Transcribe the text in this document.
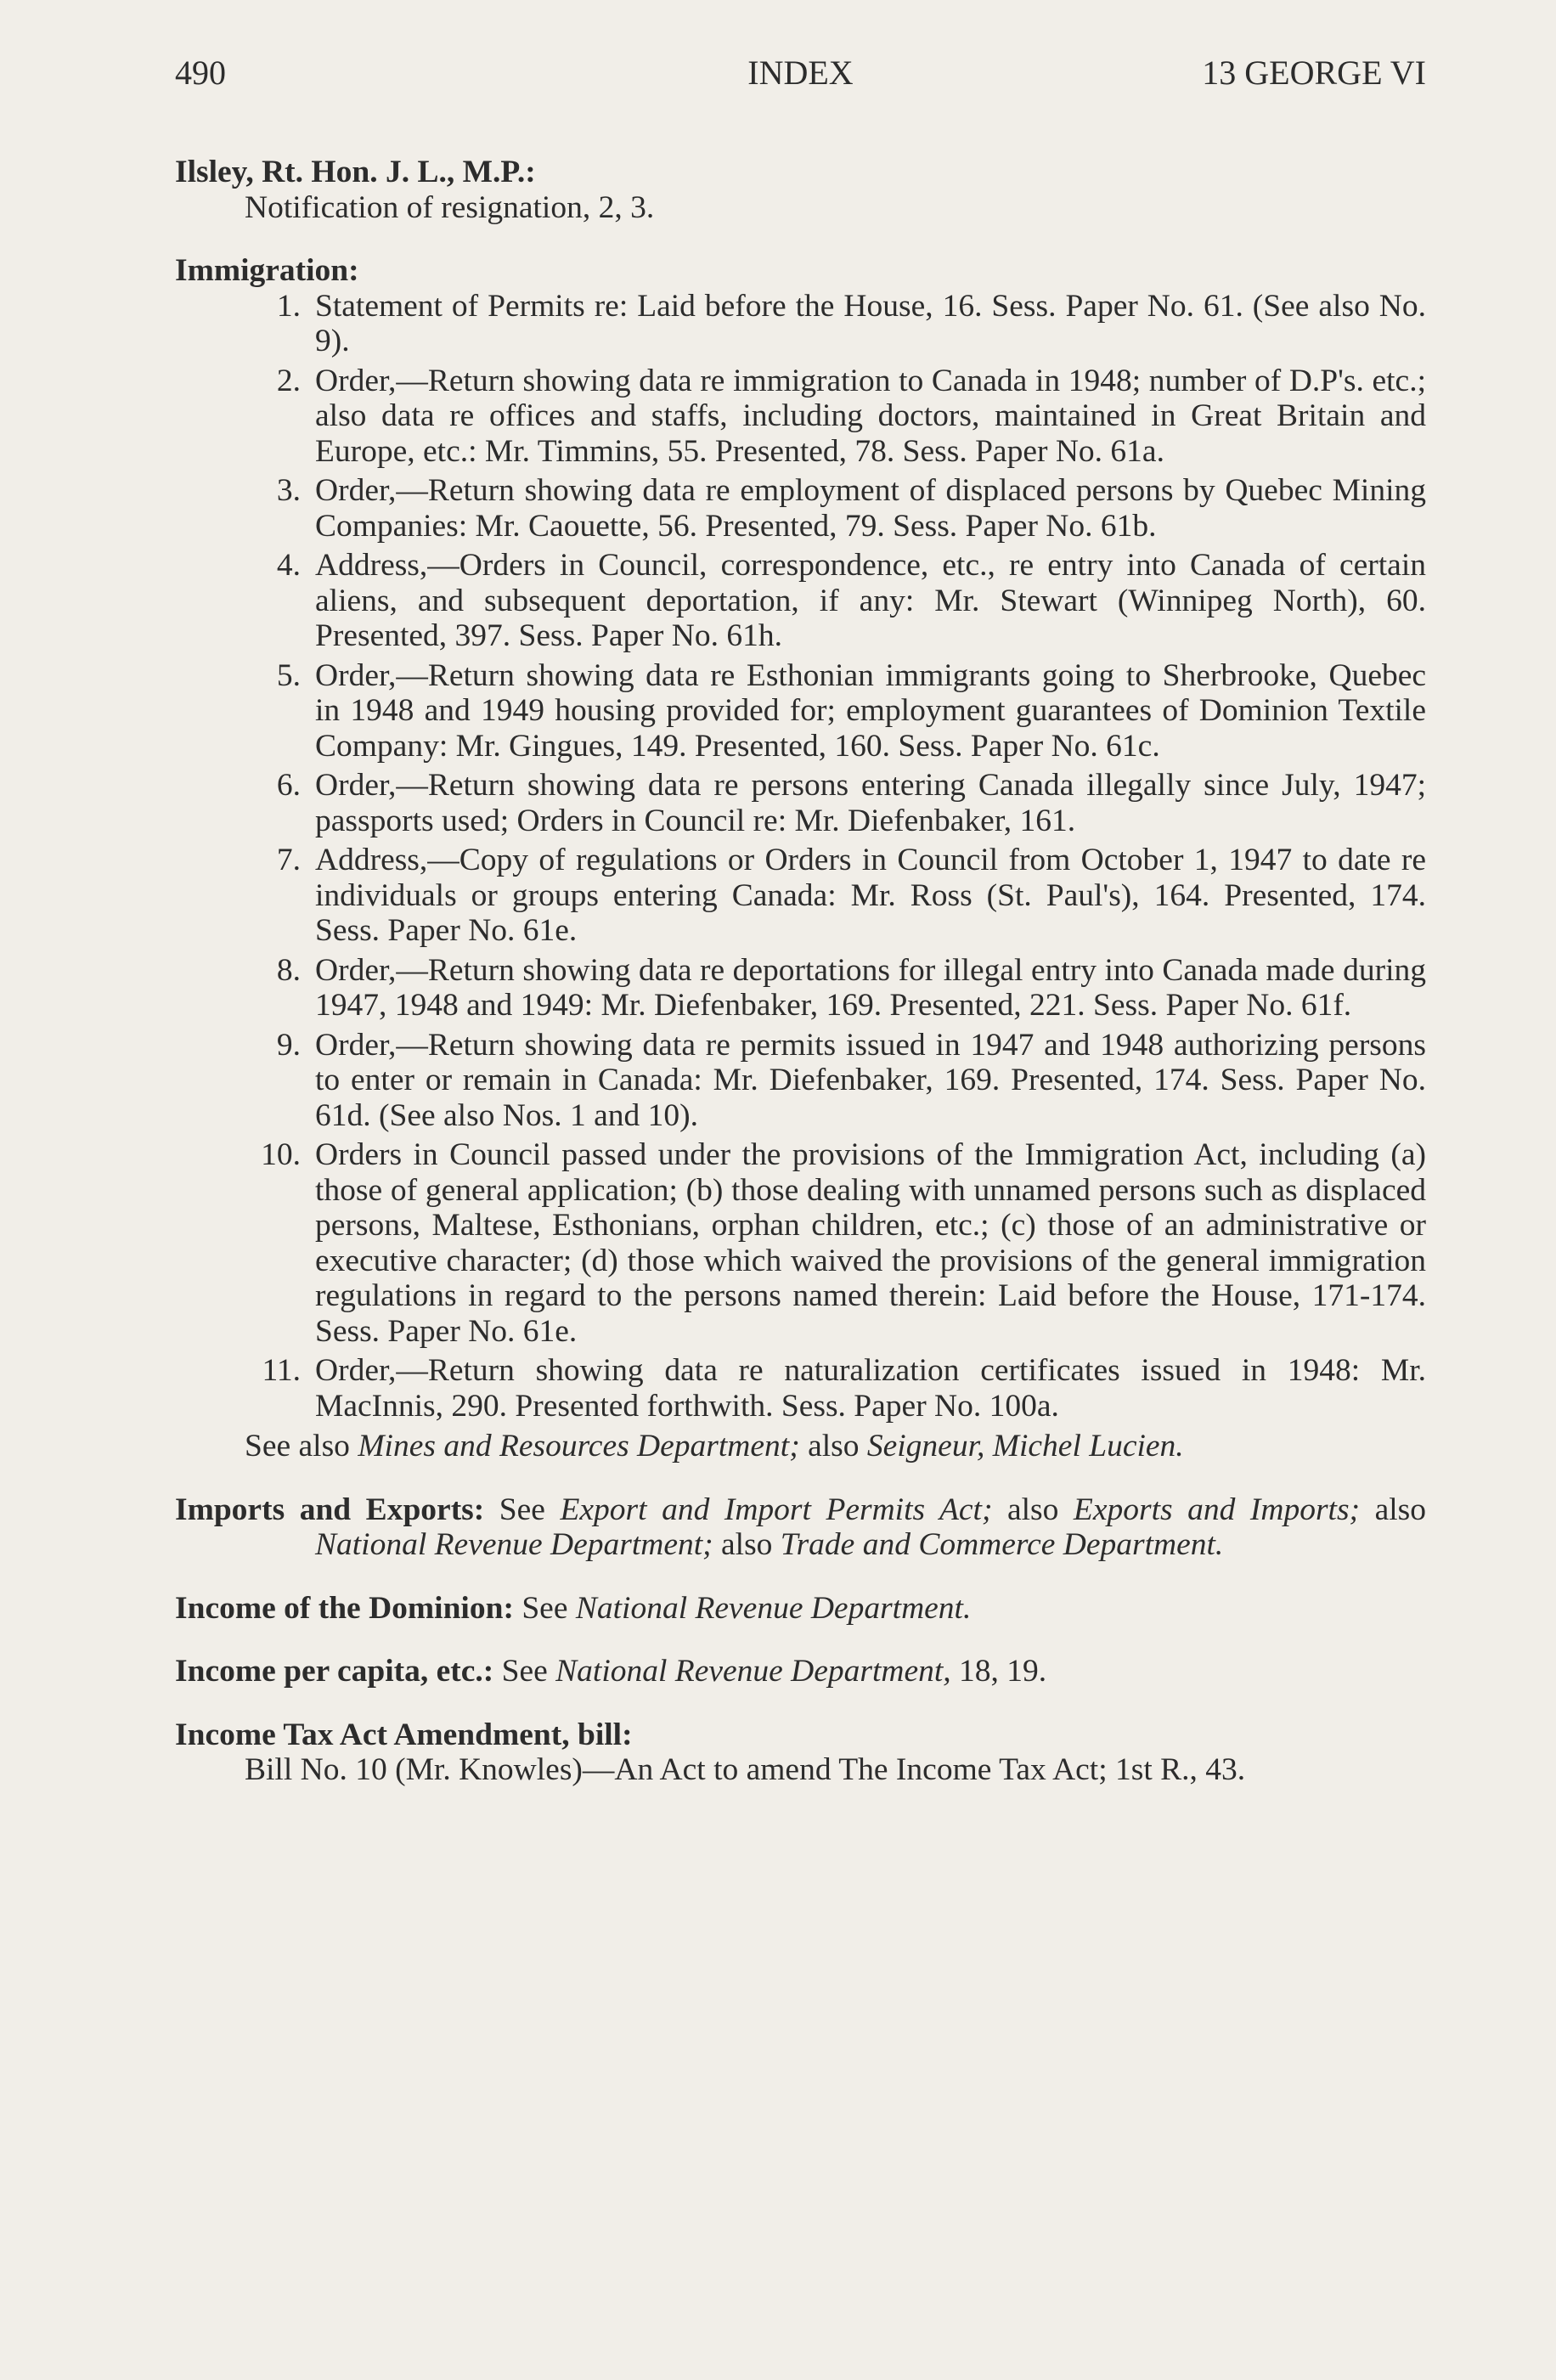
490	INDEX	13 GEORGE VI
Ilsley, Rt. Hon. J. L., M.P.:
Notification of resignation, 2, 3.
Immigration:
1. Statement of Permits re: Laid before the House, 16. Sess. Paper No. 61. (See also No. 9).
2. Order,—Return showing data re immigration to Canada in 1948; number of D.P's. etc.; also data re offices and staffs, including doctors, maintained in Great Britain and Europe, etc.: Mr. Timmins, 55. Presented, 78. Sess. Paper No. 61a.
3. Order,—Return showing data re employment of displaced persons by Quebec Mining Companies: Mr. Caouette, 56. Presented, 79. Sess. Paper No. 61b.
4. Address,—Orders in Council, correspondence, etc., re entry into Canada of certain aliens, and subsequent deportation, if any: Mr. Stewart (Winnipeg North), 60. Presented, 397. Sess. Paper No. 61h.
5. Order,—Return showing data re Esthonian immigrants going to Sherbrooke, Quebec in 1948 and 1949 housing provided for; employment guarantees of Dominion Textile Company: Mr. Gingues, 149. Presented, 160. Sess. Paper No. 61c.
6. Order,—Return showing data re persons entering Canada illegally since July, 1947; passports used; Orders in Council re: Mr. Diefenbaker, 161.
7. Address,—Copy of regulations or Orders in Council from October 1, 1947 to date re individuals or groups entering Canada: Mr. Ross (St. Paul's), 164. Presented, 174. Sess. Paper No. 61e.
8. Order,—Return showing data re deportations for illegal entry into Canada made during 1947, 1948 and 1949: Mr. Diefenbaker, 169. Presented, 221. Sess. Paper No. 61f.
9. Order,—Return showing data re permits issued in 1947 and 1948 authorizing persons to enter or remain in Canada: Mr. Diefenbaker, 169. Presented, 174. Sess. Paper No. 61d. (See also Nos. 1 and 10).
10. Orders in Council passed under the provisions of the Immigration Act, including (a) those of general application; (b) those dealing with unnamed persons such as displaced persons, Maltese, Esthonians, orphan children, etc.; (c) those of an administrative or executive character; (d) those which waived the provisions of the general immigration regulations in regard to the persons named therein: Laid before the House, 171-174. Sess. Paper No. 61e.
11. Order,—Return showing data re naturalization certificates issued in 1948: Mr. MacInnis, 290. Presented forthwith. Sess. Paper No. 100a.
See also Mines and Resources Department; also Seigneur, Michel Lucien.
Imports and Exports: See Export and Import Permits Act; also Exports and Imports; also National Revenue Department; also Trade and Commerce Department.
Income of the Dominion: See National Revenue Department.
Income per capita, etc.: See National Revenue Department, 18, 19.
Income Tax Act Amendment, bill:
Bill No. 10 (Mr. Knowles)—An Act to amend The Income Tax Act; 1st R., 43.
